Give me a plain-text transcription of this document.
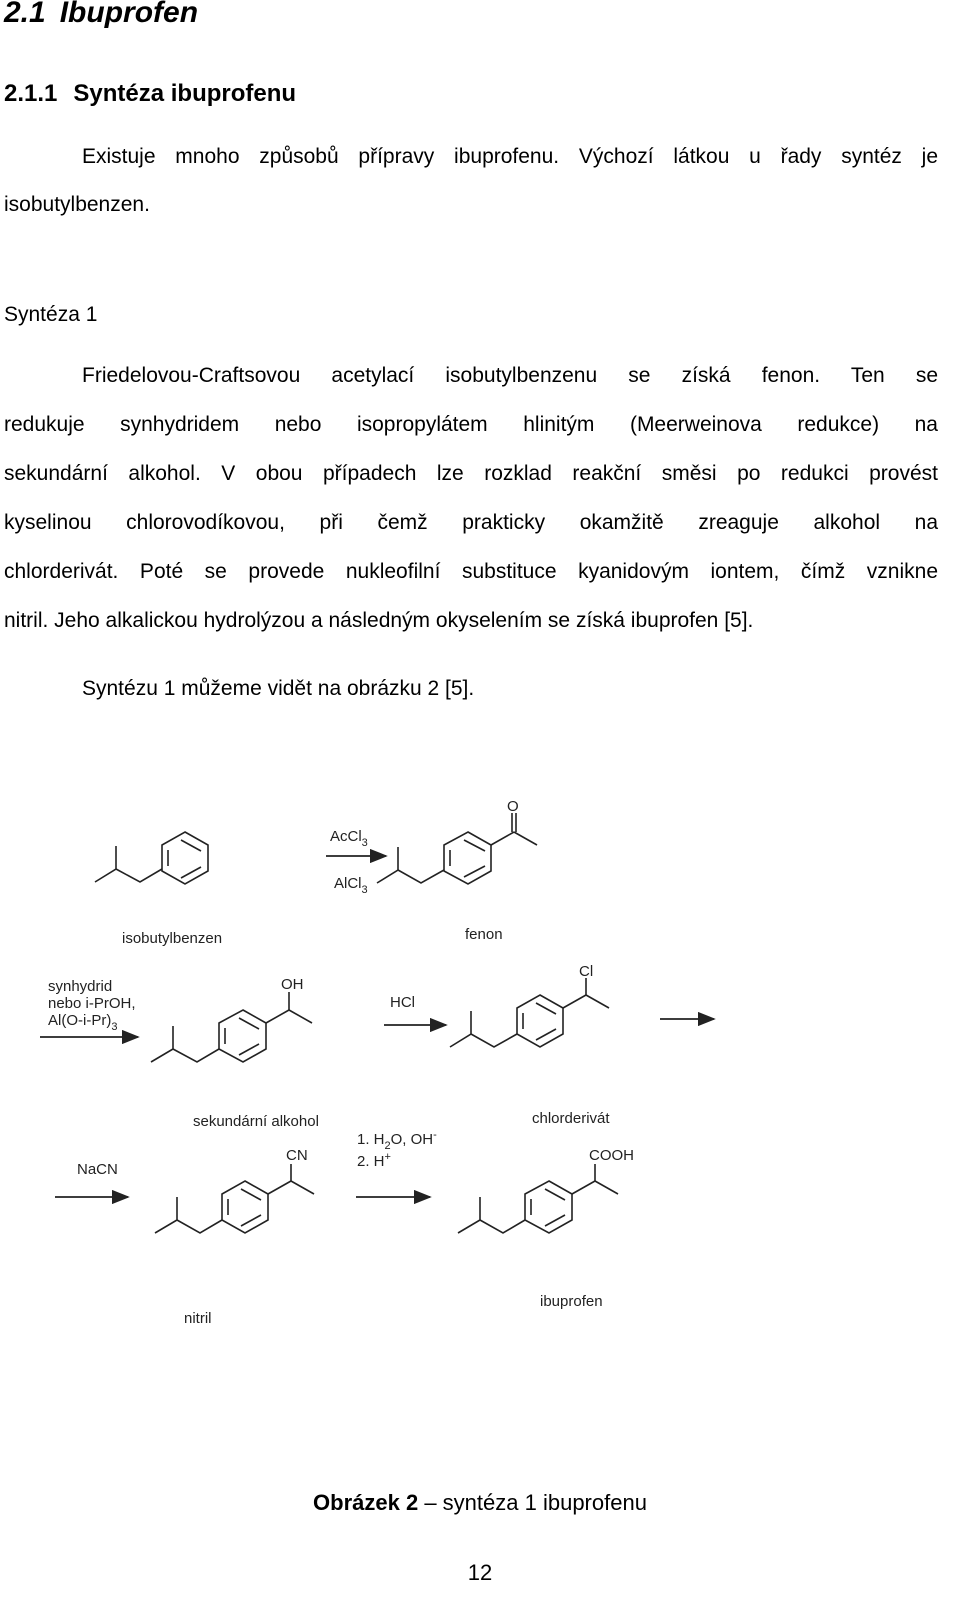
2.1 Ibuprofen
2.1.1 Syntéza ibuprofenu

Existuje mnoho způsobů přípravy ibuprofenu. Výchozí látkou u řady syntéz je

isobutylbenzen.

Syntéza 1

Friedelovou-Craftsovou acetylací isobutylbenzenu se získá fenon. Ten se

redukuje synhydridem nebo isopropylátem hlinitým (Meerweinova redukce) na
sekundární alkohol. V obou případech lze rozklad reakční směsi po redukci provést
kyselinou chlorovodíkovou, při čemž prakticky okamžitě zreaguje alkohol na
chlorderivát. Poté se provede nukleofilní substituce kyanidovým iontem, čímž vznikne
nitril. Jeho alkalickou hydrolýzou a následným okyselením se získá ibuprofen [5].

Syntézu 1 můžeme vidět na obrázku 2 [5].

isobutylbenzen
AcCl$_3$
AlCl$_3$
O
fenon
synhydrid
nebo i-PrOH,
$Al(O-i-Pr)_3$
OH
sekundární alkohol
HCl
Cl
chlorderivát
NaCN
CN
nitril
1. $H_2O$, OH-
2. H+	COOH
ibuprofen

Obrázek 2 – syntéza 1 ibuprofenu

12
